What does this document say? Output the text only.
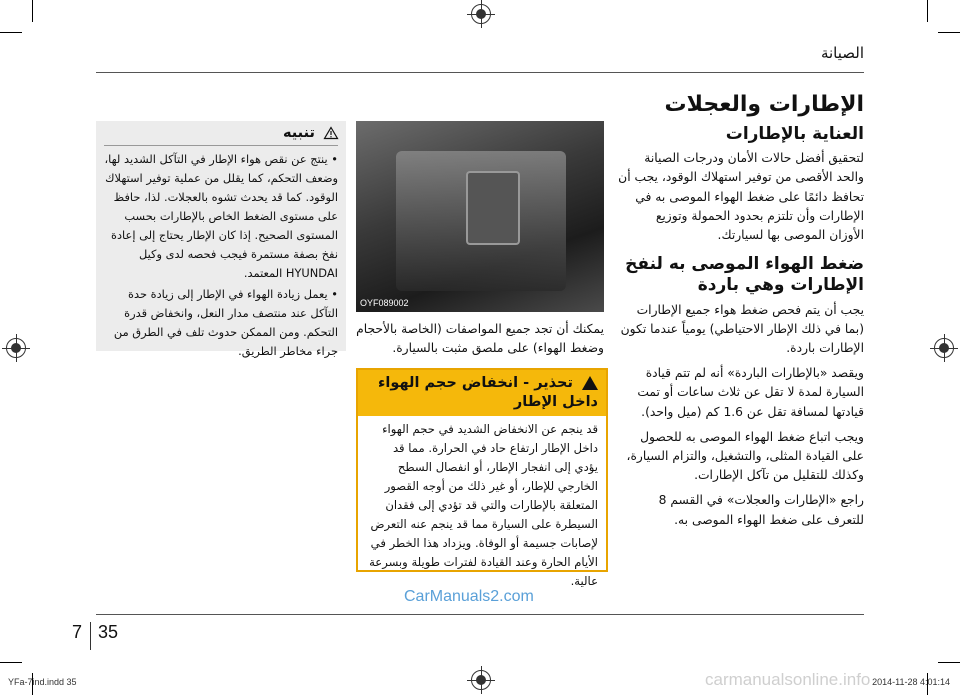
الصيانة
الإطارات والعجلات
العناية بالإطارات

لتحقيق أفضل حالات الأمان ودرجات الصيانة والحد الأقصى من توفير استهلاك الوقود، يجب أن تحافظ دائمًا على ضغط الهواء الموصى به في الإطارات وأن تلتزم بحدود الحمولة وتوزيع الأوزان الموصى بها لسيارتك.

ضغط الهواء الموصى به لنفخ الإطارات وهي باردة

يجب أن يتم فحص ضغط هواء جميع الإطارات (بما في ذلك الإطار الاحتياطي) يومياً عندما تكون الإطارات باردة.

ويقصد «بالإطارات الباردة» أنه لم تتم قيادة السيارة لمدة لا تقل عن ثلاث ساعات أو تمت قيادتها لمسافة تقل عن 1.6 كم (ميل واحد).

ويجب اتباع ضغط الهواء الموصى به للحصول على القيادة المثلى، والتشغيل، والتزام السيارة، وكذلك للتقليل من تآكل الإطارات.

راجع «الإطارات والعجلات» في القسم 8 للتعرف على ضغط الهواء الموصى به.

OYF089002
يمكنك أن تجد جميع المواصفات (الخاصة بالأحجام وضغط الهواء) على ملصق مثبت بالسيارة.
تحذير - انخفاض حجم الهواء داخل الإطار
قد ينجم عن الانخفاض الشديد في حجم الهواء داخل الإطار ارتفاع حاد في الحرارة. مما قد يؤدي إلى انفجار الإطار، أو انفصال السطح الخارجي للإطار، أو غير ذلك من أوجه القصور المتعلقة بالإطارات والتي قد تؤدي إلى فقدان السيطرة على السيارة مما قد ينجم عنه التعرض لإصابات جسيمة أو الوفاة. ويزداد هذا الخطر في الأيام الحارة وعند القيادة لفترات طويلة وبسرعة عالية.
تنبيه

• ينتج عن نقص هواء الإطار في التآكل الشديد لها، وضعف التحكم، كما يقلل من عملية توفير استهلاك الوقود. كما قد يحدث تشوه بالعجلات. لذا، حافظ على مستوى الضغط الخاص بالإطارات بحسب المستوى الصحيح. إذا كان الإطار يحتاج إلى إعادة نفخ بصفة مستمرة فيجب فحصه لدى وكيل HYUNDAI المعتمد.

• يعمل زيادة الهواء في الإطار إلى زيادة حدة التآكل عند منتصف مدار النعل، وانخفاض قدرة التحكم. ومن الممكن حدوث تلف في الطرق من جراء مخاطر الطريق.

CarManuals2.com
7 35
YFa-7ind.indd 35	2014-11-28 4:01:14
carmanualsonline.info
